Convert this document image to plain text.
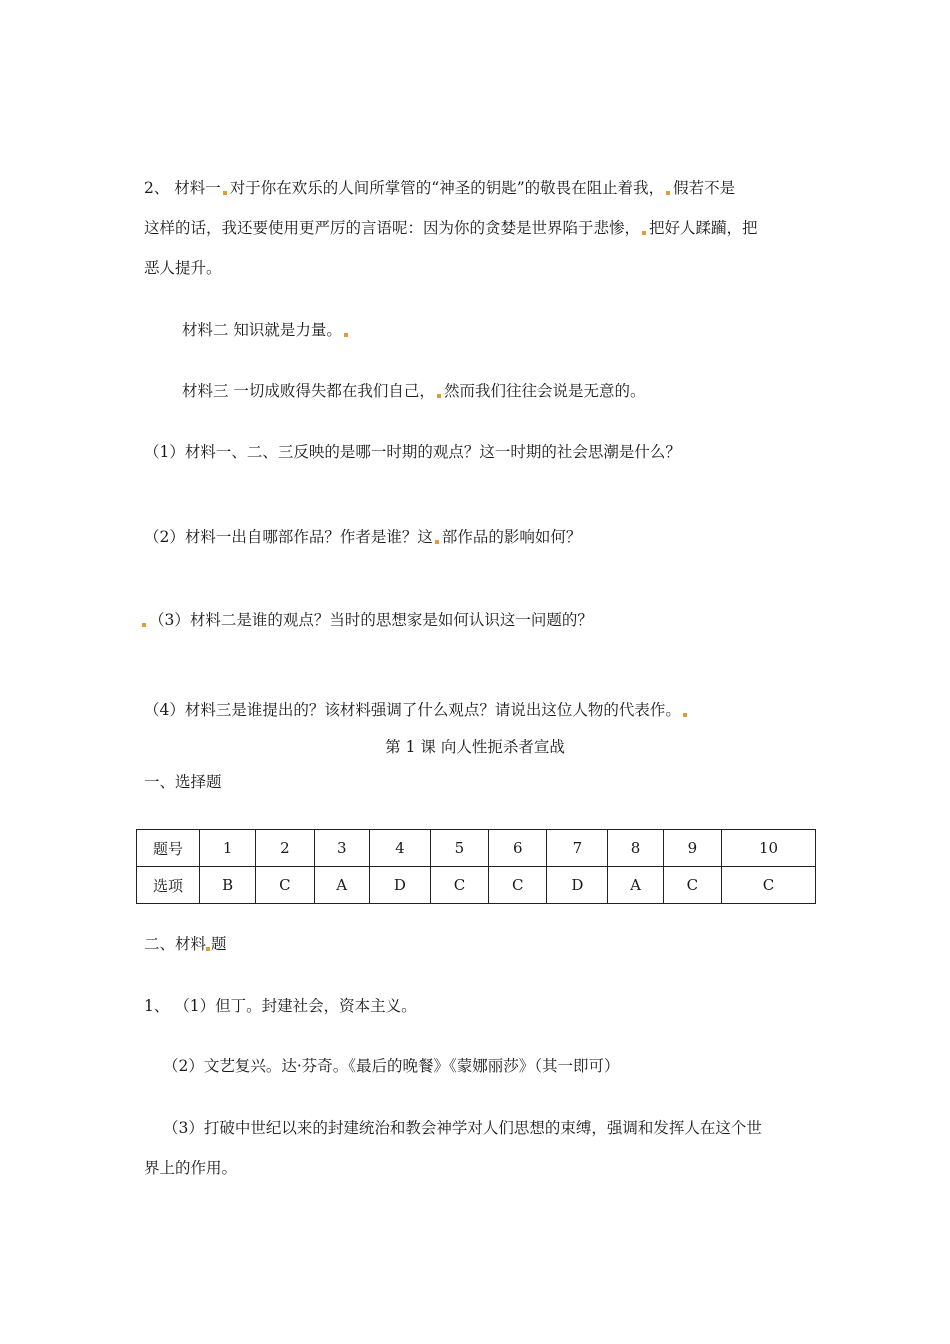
2、 材料一 对于你在欢乐的人间所掌管的“神圣的钥匙”的敬畏在阻止着我， 假若不是
这样的话，我还要使用更严厉的言语呢：因为你的贪婪是世界陷于悲惨， 把好人蹂躏，把
恶人提升。
材料二 知识就是力量。
材料三 一切成败得失都在我们自己， 然而我们往往会说是无意的。
（1）材料一、二、三反映的是哪一时期的观点？这一时期的社会思潮是什么？
（2）材料一出自哪部作品？作者是谁？这 部作品的影响如何？
（3）材料二是谁的观点？当时的思想家是如何认识这一问题的？
（4）材料三是谁提出的？该材料强调了什么观点？请说出这位人物的代表作。
第 1 课 向人性扼杀者宣战
一、选择题
题号	1	2	3	4	5	6	7	8	9	10
选项	B	C	A	D	C	C	D	A	C	C
二、材料 题
1、 （1）但丁。封建社会，资本主义。
（2）文艺复兴。达·芬奇。《最后的晚餐》《蒙娜丽莎》（其一即可）
（3）打破中世纪以来的封建统治和教会神学对人们思想的束缚，强调和发挥人在这个世
界上的作用。
